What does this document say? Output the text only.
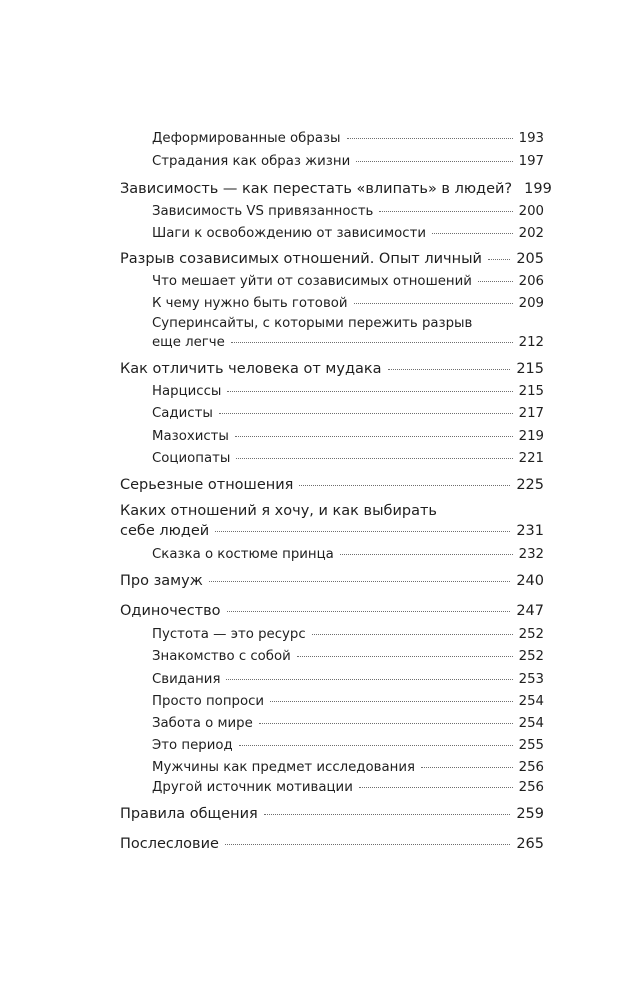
Деформированные образы	193
Страдания как образ жизни	197
Зависимость — как перестать «влипать» в людей? 199
Зависимость VS привязанность	200
Шаги к освобождению от зависимости	202
Разрыв созависимых отношений. Опыт личный 205
Что мешает уйти от созависимых отношений	206
К чему нужно быть готовой	209
Суперинсайты, с которыми пережить разрыв
еще легче	212
Как отличить человека от мудака	215
Нарциссы	215
Садисты	217
Мазохисты	219
Социопаты	221
Серьезные отношения	225
Каких отношений я хочу, и как выбирать
себе людей	231
Сказка о костюме принца	232
Про замуж	240
Одиночество	247
Пустота — это ресурс	252
Знакомство с собой	252
Свидания	253
Просто попроси	254
Забота о мире	254
Это период	255
Мужчины как предмет исследования	256
Другой источник мотивации	256
Правила общения	259
Послесловие	265
